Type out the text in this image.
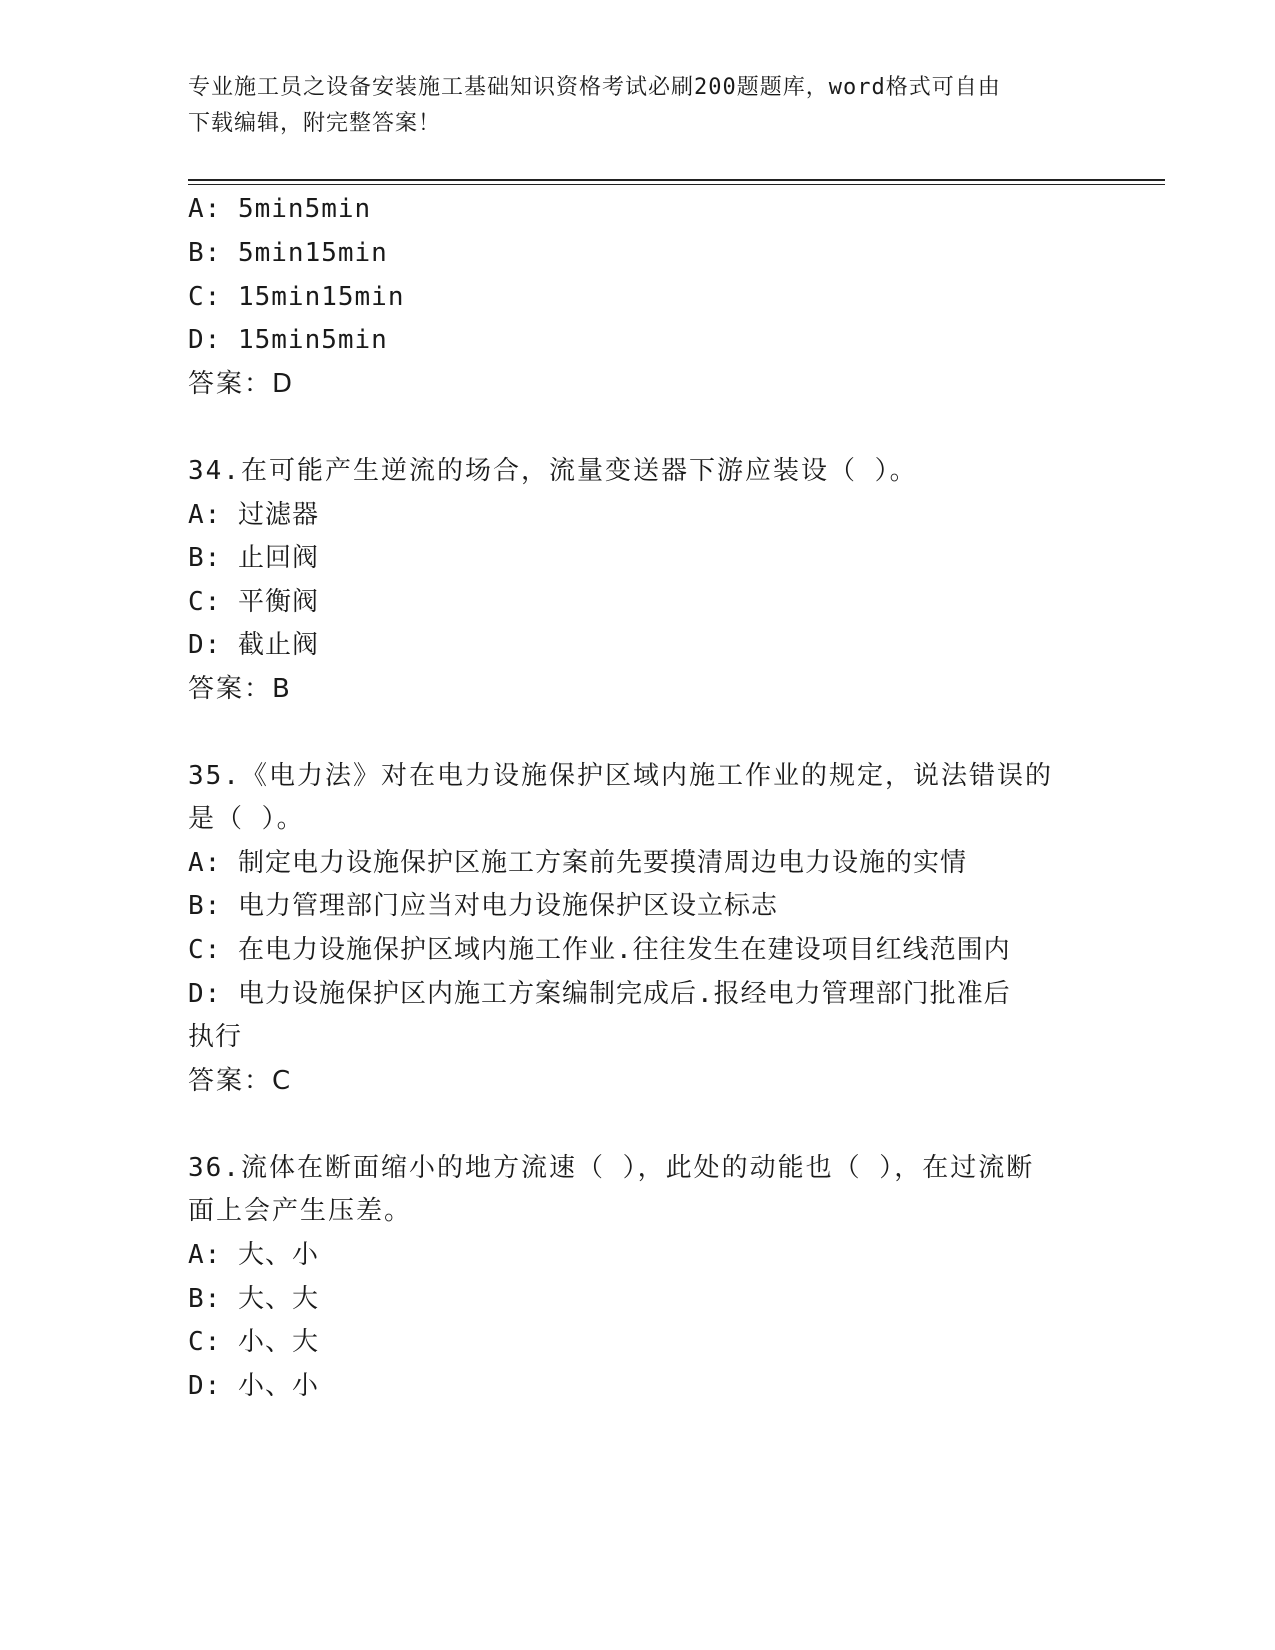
专业施工员之设备安装施工基础知识资格考试必刷200题题库，word格式可自由
下载编辑，附完整答案！
A: 5min5min
B: 5min15min
C: 15min15min
D: 15min5min
答案：D
34.在可能产生逆流的场合，流量变送器下游应装设（ ）。
A: 过滤器
B: 止回阀
C: 平衡阀
D: 截止阀
答案：B
35.《电力法》对在电力设施保护区域内施工作业的规定，说法错误的
是（ ）。
A: 制定电力设施保护区施工方案前先要摸清周边电力设施的实情
B: 电力管理部门应当对电力设施保护区设立标志
C: 在电力设施保护区域内施工作业.往往发生在建设项目红线范围内
D: 电力设施保护区内施工方案编制完成后.报经电力管理部门批准后
执行
答案：C
36.流体在断面缩小的地方流速（ ），此处的动能也（ ），在过流断
面上会产生压差。
A: 大、小
B: 大、大
C: 小、大
D: 小、小
